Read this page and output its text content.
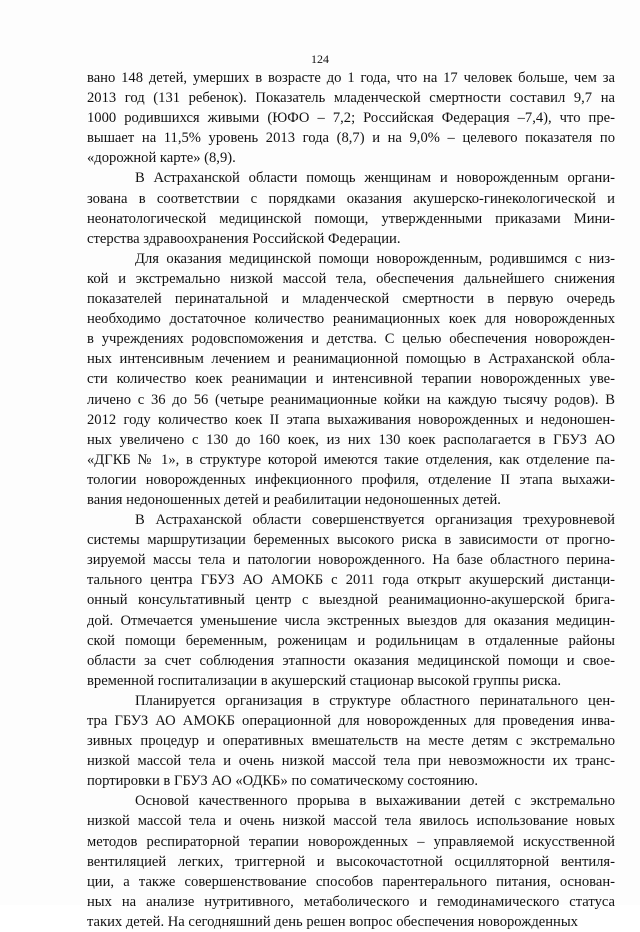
124
вано 148 детей, умерших в возрасте до 1 года, что на 17 человек больше, чем за
2013 год (131 ребенок). Показатель младенческой смертности составил 9,7 на
1000 родившихся живыми (ЮФО – 7,2; Российская Федерация –7,4), что пре-
вышает на 11,5% уровень 2013 года (8,7) и на 9,0% – целевого показателя по
«дорожной карте» (8,9).
В Астраханской области помощь женщинам и новорожденным органи-
зована в соответствии с порядками оказания акушерско-гинекологической и
неонатологической медицинской помощи, утвержденными приказами Мини-
стерства здравоохранения Российской Федерации.
Для оказания медицинской помощи новорожденным, родившимся с низ-
кой и экстремально низкой массой тела, обеспечения дальнейшего снижения
показателей перинатальной и младенческой смертности в первую очередь
необходимо достаточное количество реанимационных коек для новорожденных
в учреждениях родовспоможения и детства. С целью обеспечения новорожден-
ных интенсивным лечением и реанимационной помощью в Астраханской обла-
сти количество коек реанимации и интенсивной терапии новорожденных уве-
личено с 36 до 56 (четыре реанимационные койки на каждую тысячу родов). В
2012 году количество коек II этапа выхаживания новорожденных и недоношен-
ных увеличено с 130 до 160 коек, из них 130 коек располагается в ГБУЗ АО
«ДГКБ № 1», в структуре которой имеются такие отделения, как отделение па-
тологии новорожденных инфекционного профиля, отделение II этапа выхажи-
вания недоношенных детей и реабилитации недоношенных детей.
В Астраханской области совершенствуется организация трехуровневой
системы маршрутизации беременных высокого риска в зависимости от прогно-
зируемой массы тела и патологии новорожденного. На базе областного перина-
тального центра ГБУЗ АО АМОКБ с 2011 года открыт акушерский дистанци-
онный консультативный центр с выездной реанимационно-акушерской брига-
дой. Отмечается уменьшение числа экстренных выездов для оказания медицин-
ской помощи беременным, роженицам и родильницам в отдаленные районы
области за счет соблюдения этапности оказания медицинской помощи и свое-
временной госпитализации в акушерский стационар высокой группы риска.
Планируется организация в структуре областного перинатального цен-
тра ГБУЗ АО АМОКБ операционной для новорожденных для проведения инва-
зивных процедур и оперативных вмешательств на месте детям с экстремально
низкой массой тела и очень низкой массой тела при невозможности их транс-
портировки в ГБУЗ АО «ОДКБ» по соматическому состоянию.
Основой качественного прорыва в выхаживании детей с экстремально
низкой массой тела и очень низкой массой тела явилось использование новых
методов респираторной терапии новорожденных – управляемой искусственной
вентиляцией легких, триггерной и высокочастотной осцилляторной вентиля-
ции, а также совершенствование способов парентерального питания, основан-
ных на анализе нутритивного, метаболического и гемодинамического статуса
таких детей. На сегодняшний день решен вопрос обеспечения новорожденных
